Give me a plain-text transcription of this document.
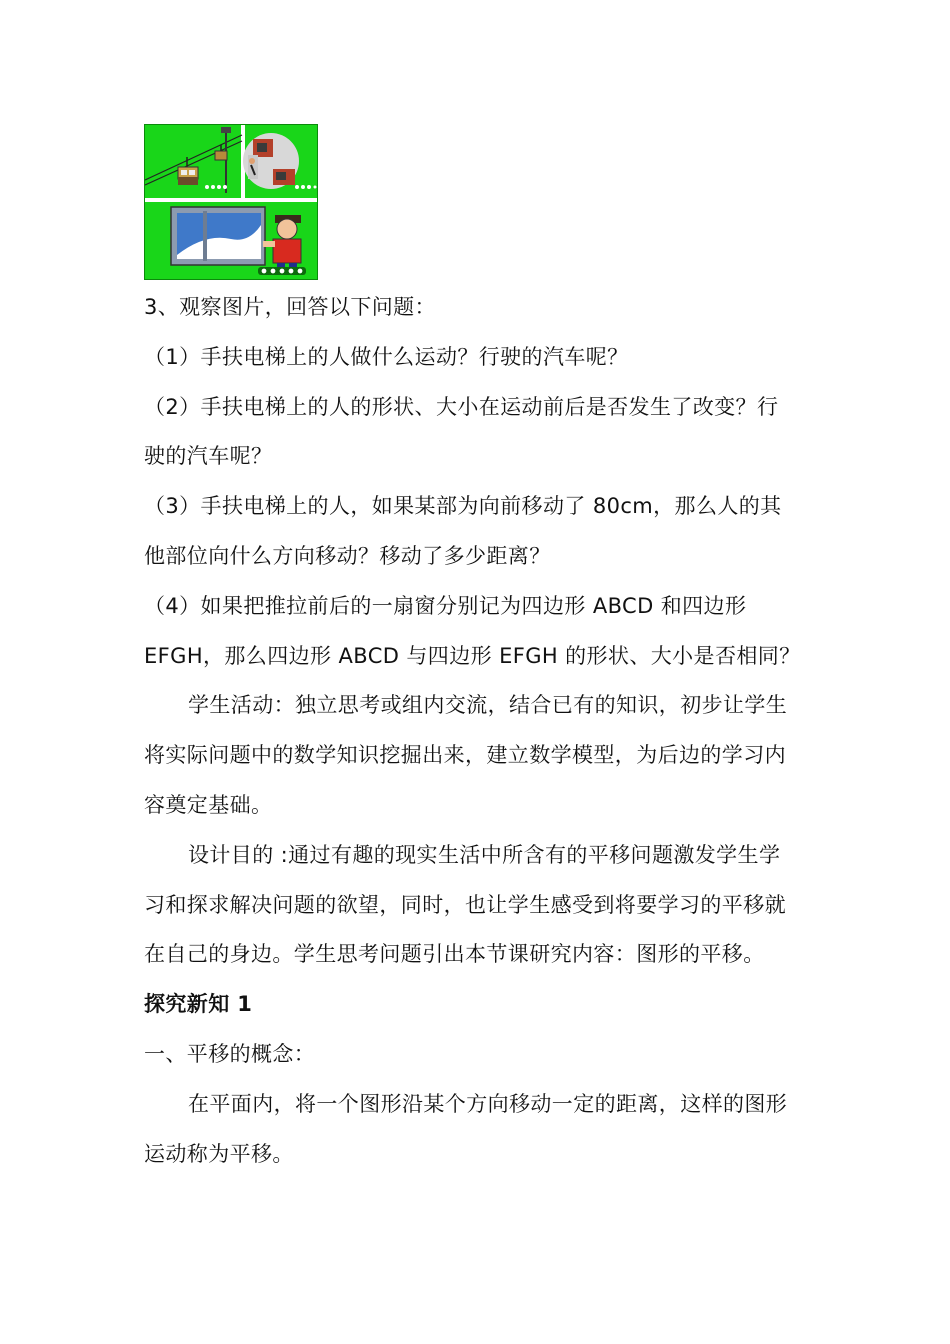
3、观察图片，回答以下问题：
（1）手扶电梯上的人做什么运动？行驶的汽车呢？
（2）手扶电梯上的人的形状、大小在运动前后是否发生了改变？行
驶的汽车呢？
（3）手扶电梯上的人，如果某部为向前移动了 80cm，那么人的其
他部位向什么方向移动？移动了多少距离？
（4）如果把推拉前后的一扇窗分别记为四边形 ABCD 和四边形
EFGH，那么四边形 ABCD 与四边形 EFGH 的形状、大小是否相同？
学生活动：独立思考或组内交流，结合已有的知识，初步让学生
将实际问题中的数学知识挖掘出来，建立数学模型，为后边的学习内
容奠定基础。
设计目的 :通过有趣的现实生活中所含有的平移问题激发学生学
习和探求解决问题的欲望，同时，也让学生感受到将要学习的平移就
在自己的身边。学生思考问题引出本节课研究内容：图形的平移。
探究新知 1
一、平移的概念：
在平面内，将一个图形沿某个方向移动一定的距离，这样的图形
运动称为平移。
